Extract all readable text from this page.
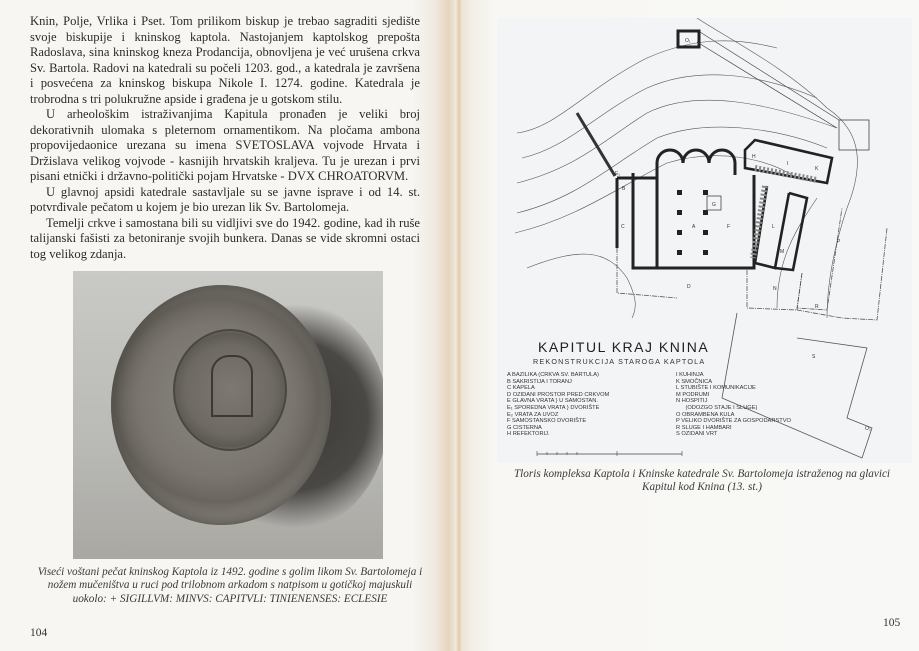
Knin, Polje, Vrlika i Pset. Tom prilikom biskup je trebao sagraditi sjedište svoje biskupije i kninskog kaptola. Nastojanjem kaptolskog prepošta Radoslava, sina kninskog kneza Prodancija, obnovljena je već urušena crkva Sv. Bartola. Radovi na katedrali su počeli 1203. god., a katedrala je završena i posvećena za kninskog biskupa Nikole I. 1274. godine. Katedrala je trobrodna s tri polukružne apside i građena je u gotskom stilu.

U arheološkim istraživanjima Kapitula pronađen je veliki broj dekorativnih ulomaka s pleternom ornamentikom. Na pločama ambona propovijedaonice urezana su imena SVETOSLAVA vojvode Hrvata i Držislava velikog vojvode - kasnijih hrvatskih kraljeva. Tu je urezan i prvi pisani etnički i državno-politički pojam Hrvatske - DVX CHROATORVM.

U glavnoj apsidi katedrale sastavljale su se javne isprave i od 14. st. potvrđivale pečatom u kojem je bio urezan lik Sv. Bartolomeja.

Temelji crkve i samostana bili su vidljivi sve do 1942. godine, kad ih ruše talijanski fašisti za betoniranje svojih bunkera. Danas se vide skromni ostaci tog velikog zdanja.

Viseći voštani pečat kninskog Kaptola iz 1492. godine s golim likom Sv. Bartolomeja i nožem mučeništva u ruci pod trilobnom arkadom s natpisom u gotičkoj majuskuli uokolo: + SIGILLVM: MINVS: CAPITVLI: TINIENENSES: ECLESIE
104
O₁
E₁
B
C	A	F
G
H
I
K
L
N
M
D
P
R
S
O₂
KAPITUL KRAJ KNINA
REKONSTRUKCIJA STAROGA KAPTOLA
A BAZILIKA (CRKVA SV. BARTULA)
B SAKRISTIJA I TORANJ
C KAPELA
D OZIDANI PROSTOR PRED CRKVOM
E GLAVNA VRATA } U SAMOSTAN.
E₁ SPOREDNA VRATA } DVORIŠTE
E₂ VRATA ZA UVOZ
F SAMOSTANSKO DVORIŠTE
G CISTERNA
H REFEKTORIJ.
I KUHINJA
K SMOČNICA
L STUBIŠTE I KOMUNIKACIJE
M PODRUMI
N HOSPITIJ
(ODOZGO STAJE I SLUGE)
O OBRAMBENA KULA
P VELIKO DVORIŠTE ZA GOSPODARSTVO
R SLUGE I HAMBARI
S OZIDANI VRT
Tloris kompleksa Kaptola i Kninske katedrale Sv. Bartolomeja istraženog na glavici Kapitul kod Knina (13. st.)
105
